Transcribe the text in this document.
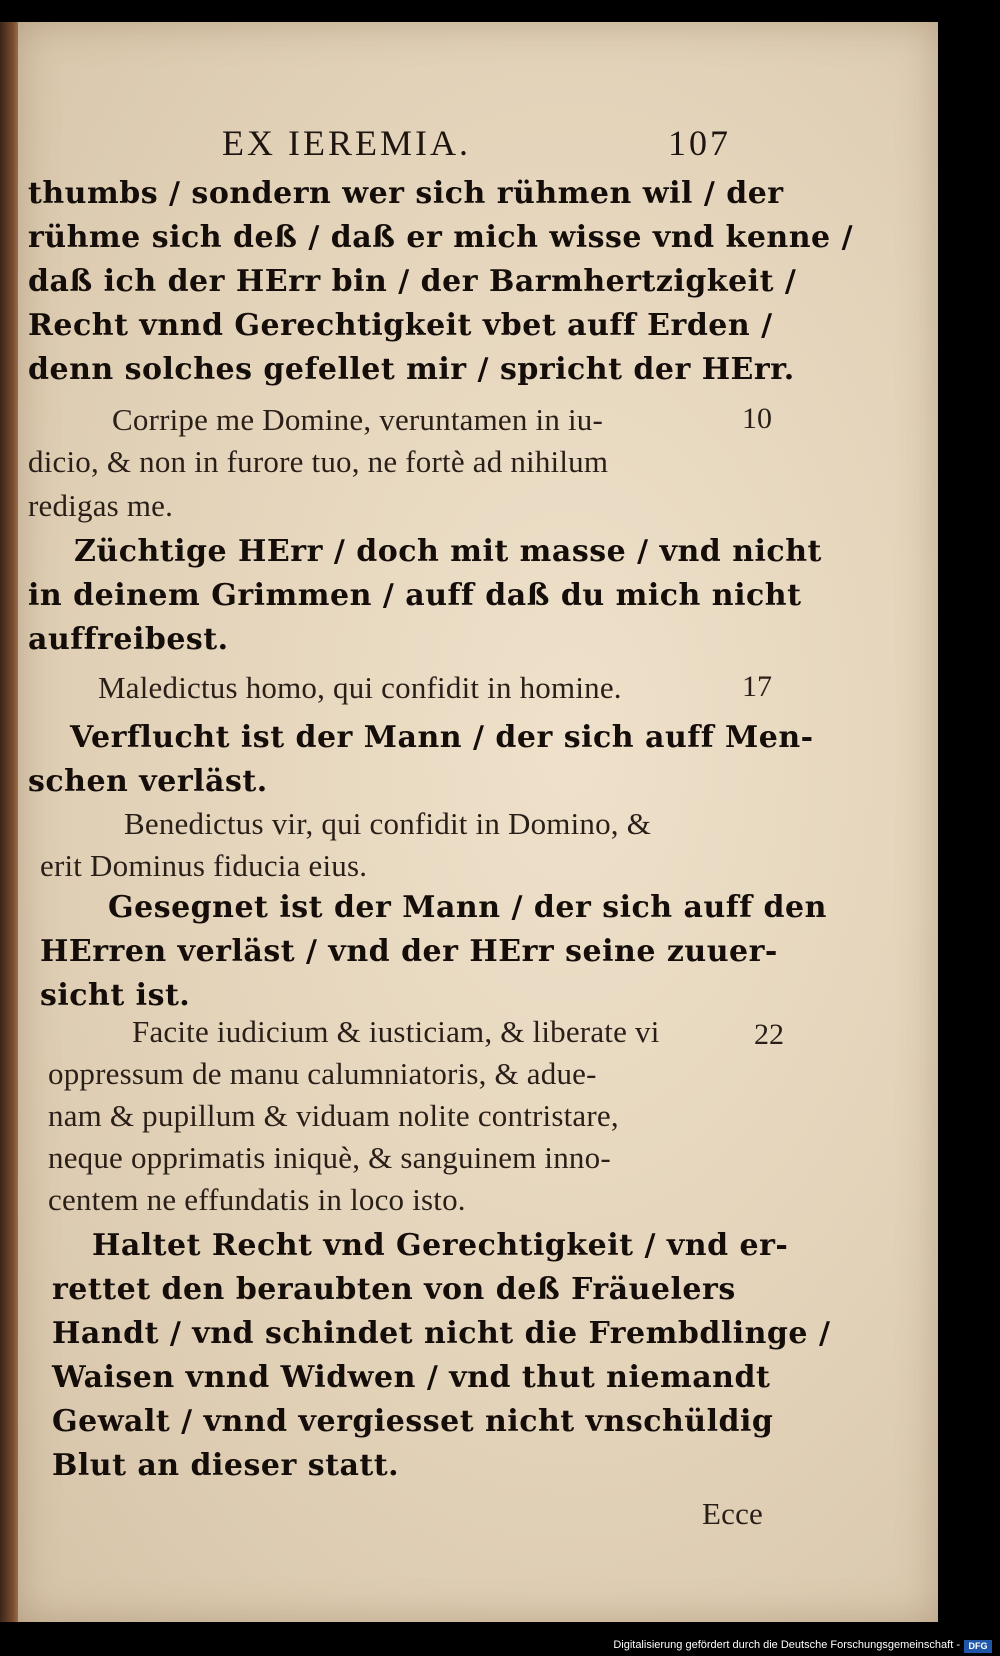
EX IEREMIA.	107
thumbs / sondern wer sich rühmen wil / der
rühme sich deß / daß er mich wisse vnd kenne /
daß ich der HErr bin / der Barmhertzigkeit /
Recht vnnd Gerechtigkeit vbet auff Erden /
denn solches gefellet mir / spricht der HErr.
Corripe me Domine, veruntamen in iu-	10
dicio, & non in furore tuo, ne fortè ad nihilum
redigas me.
Züchtige HErr / doch mit masse / vnd nicht
in deinem Grimmen / auff daß du mich nicht
auffreibest.
Maledictus homo, qui confidit in homine.	17
Verflucht ist der Mann / der sich auff Men-
schen verläst.
Benedictus vir, qui confidit in Domino, &
erit Dominus fiducia eius.
Gesegnet ist der Mann / der sich auff den
HErren verläst / vnd der HErr seine zuuer-
sicht ist.
Facite iudicium & iusticiam, & liberate vi	22
oppressum de manu calumniatoris, & adue-
nam & pupillum & viduam nolite contristare,
neque opprimatis iniquè, & sanguinem inno-
centem ne effundatis in loco isto.
Haltet Recht vnd Gerechtigkeit / vnd er-
rettet den beraubten von deß Fräuelers
Handt / vnd schindet nicht die Frembdlinge /
Waisen vnnd Widwen / vnd thut niemandt
Gewalt / vnnd vergiesset nicht vnschüldig
Blut an dieser statt.
Ecce
Digitalisierung gefördert durch die Deutsche Forschungsgemeinschaft - DFG
